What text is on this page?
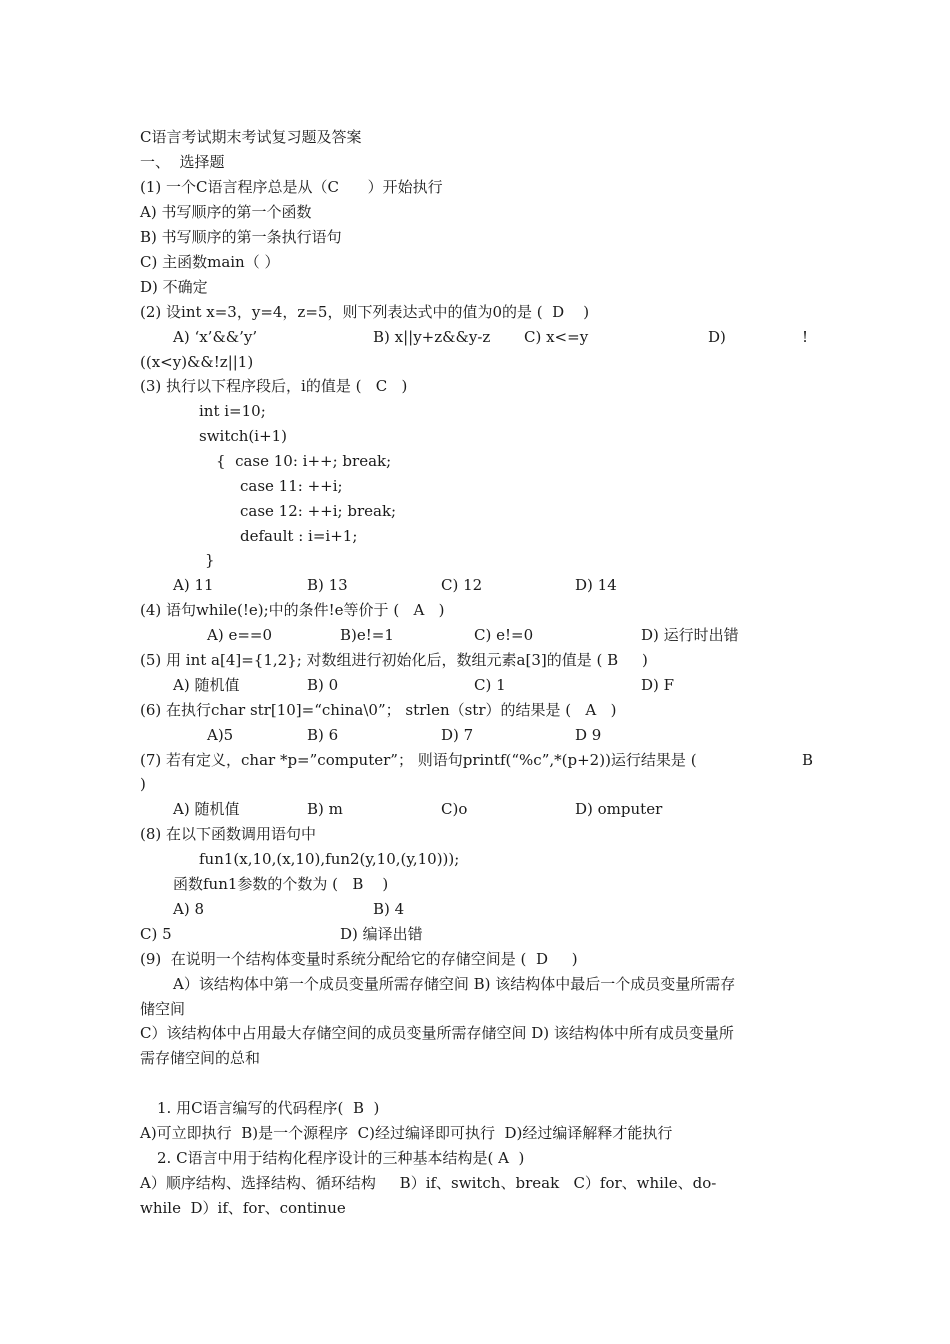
C语言考试期末考试复习题及答案
一、  选择题
(1) 一个C语言程序总是从（C      ）开始执行
A) 书写顺序的第一个函数
B) 书写顺序的第一条执行语句
C) 主函数main（ ）
D) 不确定
(2) 设int x=3，y=4，z=5，则下列表达式中的值为0的是 (  D    )
A) ‘x’&&’y’	B) x||y+z&&y-z C) x<=y	D)	!
((x<y)&&!z||1)
(3) 执行以下程序段后，i的值是 (   C   )
int i=10;
switch(i+1)
{  case 10: i++; break;
case 11: ++i;
case 12: ++i; break;
default : i=i+1;
}
A) 11	B) 13	C) 12	D) 14
(4) 语句while(!e);中的条件!e等价于 (   A   )
A) e==0	B)e!=1	C) e!=0	D) 运行时出错
(5) 用 int a[4]={1,2}; 对数组进行初始化后，数组元素a[3]的值是 ( B     )
A) 随机值	B) 0	C) 1	D) F
(6) 在执行char str[10]=“china\0”； strlen（str）的结果是 (   A   )
A)5	B) 6	D) 7	D 9
(7) 若有定义，char *p=”computer”； 则语句printf(“%c”,*(p+2))运行结果是 (	B
)
A) 随机值	B) m	C)o	D) omputer
(8) 在以下函数调用语句中
fun1(x,10,(x,10),fun2(y,10,(y,10)));
函数fun1参数的个数为 (   B    )
A) 8	B) 4
C) 5	D) 编译出错
(9)  在说明一个结构体变量时系统分配给它的存储空间是 (  D     )
A）该结构体中第一个成员变量所需存储空间 B) 该结构体中最后一个成员变量所需存
储空间
C）该结构体中占用最大存储空间的成员变量所需存储空间 D) 该结构体中所有成员变量所
需存储空间的总和
1. 用C语言编写的代码程序(  B  )
A)可立即执行  B)是一个源程序  C)经过编译即可执行  D)经过编译解释才能执行
2. C语言中用于结构化程序设计的三种基本结构是( A  )
A）顺序结构、选择结构、循环结构     B）if、switch、break   C）for、while、do-
while  D）if、for、continue
